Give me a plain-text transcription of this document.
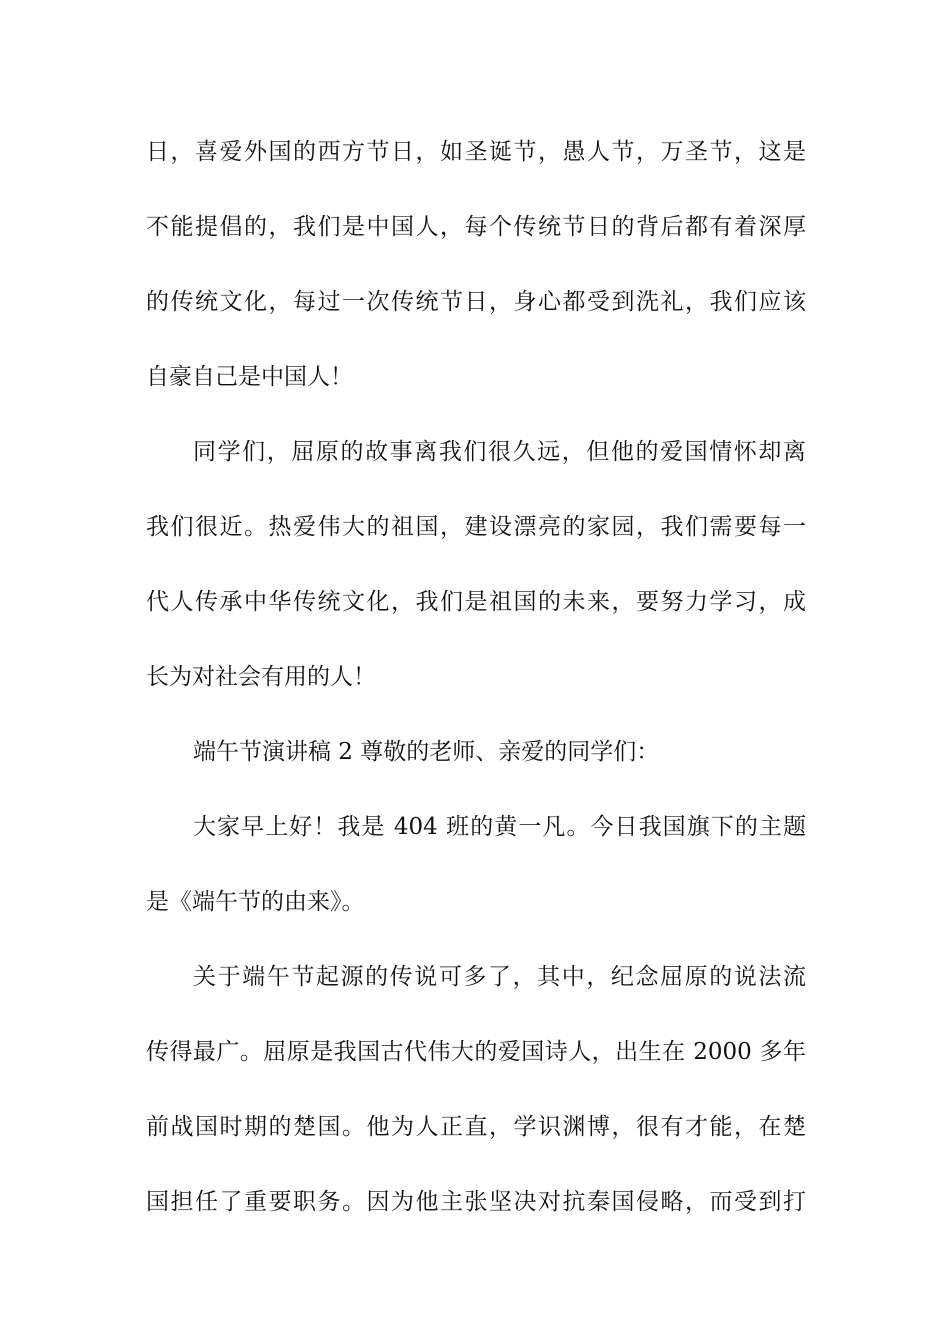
日，喜爱外国的西方节日，如圣诞节，愚人节，万圣节，这是
不能提倡的，我们是中国人，每个传统节日的背后都有着深厚
的传统文化，每过一次传统节日，身心都受到洗礼，我们应该
自豪自己是中国人！
同学们，屈原的故事离我们很久远，但他的爱国情怀却离
我们很近。热爱伟大的祖国，建设漂亮的家园，我们需要每一
代人传承中华传统文化，我们是祖国的未来，要努力学习，成
长为对社会有用的人！
端午节演讲稿 2 尊敬的老师、亲爱的同学们：
大家早上好！我是 404 班的黄一凡。今日我国旗下的主题
是《端午节的由来》。
关于端午节起源的传说可多了，其中，纪念屈原的说法流
传得最广。屈原是我国古代伟大的爱国诗人，出生在 2000 多年
前战国时期的楚国。他为人正直，学识渊博，很有才能，在楚
国担任了重要职务。因为他主张坚决对抗秦国侵略，而受到打
